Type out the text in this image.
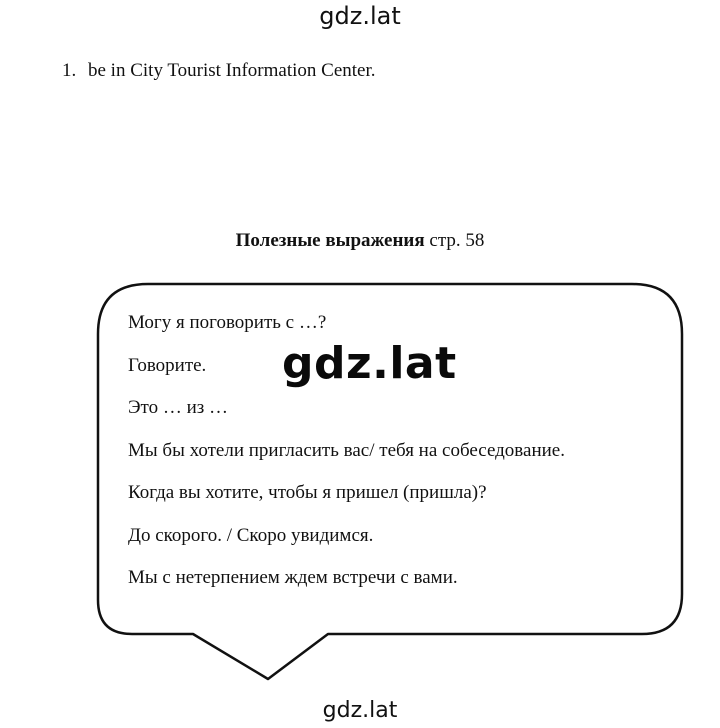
gdz.lat
1. be in City Tourist Information Center.
Полезные выражения стр. 58
Могу я поговорить с …?
Говорите.
Это … из …
Мы бы хотели пригласить вас/ тебя на собеседование.
Когда вы хотите, чтобы я пришел (пришла)?
До скорого. / Скоро увидимся.
Мы с нетерпением ждем встречи с вами.
gdz.lat
gdz.lat
